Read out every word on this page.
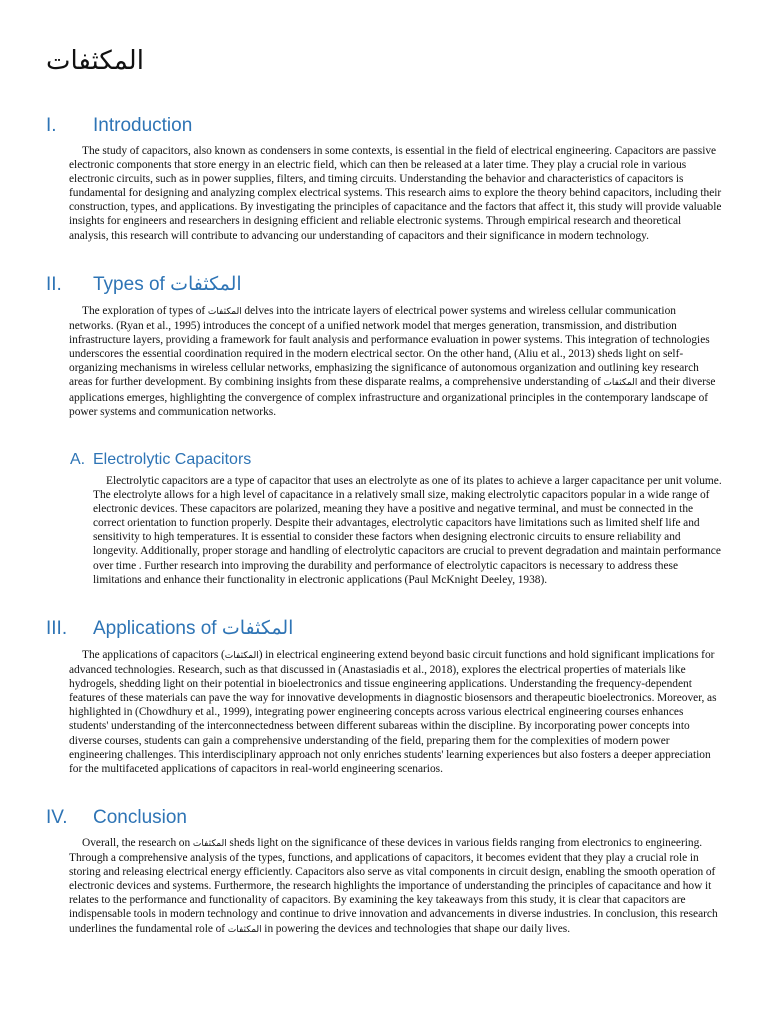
المكثفات
I. Introduction

The study of capacitors, also known as condensers in some contexts, is essential in the field of electrical engineering. Capacitors are passive electronic components that store energy in an electric field, which can then be released at a later time. They play a crucial role in various electronic circuits, such as in power supplies, filters, and timing circuits. Understanding the behavior and characteristics of capacitors is fundamental for designing and analyzing complex electrical systems. This research aims to explore the theory behind capacitors, including their construction, types, and applications. By investigating the principles of capacitance and the factors that affect it, this study will provide valuable insights for engineers and researchers in designing efficient and reliable electronic systems. Through empirical research and theoretical analysis, this research will contribute to advancing our understanding of capacitors and their significance in modern technology.

II. Types of المكثفات

The exploration of types of المكثفات delves into the intricate layers of electrical power systems and wireless cellular communication networks. (Ryan et al., 1995) introduces the concept of a unified network model that merges generation, transmission, and distribution infrastructure layers, providing a framework for fault analysis and performance evaluation in power systems. This integration of technologies underscores the essential coordination required in the modern electrical sector. On the other hand, (Aliu et al., 2013) sheds light on self-organizing mechanisms in wireless cellular networks, emphasizing the significance of autonomous organization and outlining key research areas for further development. By combining insights from these disparate realms, a comprehensive understanding of المكثفات and their diverse applications emerges, highlighting the convergence of complex infrastructure and organizational principles in the contemporary landscape of power systems and communication networks.

A. Electrolytic Capacitors

Electrolytic capacitors are a type of capacitor that uses an electrolyte as one of its plates to achieve a larger capacitance per unit volume. The electrolyte allows for a high level of capacitance in a relatively small size, making electrolytic capacitors popular in a wide range of electronic devices. These capacitors are polarized, meaning they have a positive and negative terminal, and must be connected in the correct orientation to function properly. Despite their advantages, electrolytic capacitors have limitations such as limited shelf life and sensitivity to high temperatures. It is essential to consider these factors when designing electronic circuits to ensure reliability and longevity. Additionally, proper storage and handling of electrolytic capacitors are crucial to prevent degradation and maintain performance over time . Further research into improving the durability and performance of electrolytic capacitors is necessary to address these limitations and enhance their functionality in electronic applications (Paul McKnight Deeley, 1938).

III. Applications of المكثفات

The applications of capacitors (المكثفات) in electrical engineering extend beyond basic circuit functions and hold significant implications for advanced technologies. Research, such as that discussed in (Anastasiadis et al., 2018), explores the electrical properties of materials like hydrogels, shedding light on their potential in bioelectronics and tissue engineering applications. Understanding the frequency-dependent features of these materials can pave the way for innovative developments in diagnostic biosensors and therapeutic bioelectronics. Moreover, as highlighted in (Chowdhury et al., 1999), integrating power engineering concepts across various electrical engineering courses enhances students' understanding of the interconnectedness between different subareas within the discipline. By incorporating power concepts into diverse courses, students can gain a comprehensive understanding of the field, preparing them for the complexities of modern power engineering challenges. This interdisciplinary approach not only enriches students' learning experiences but also fosters a deeper appreciation for the multifaceted applications of capacitors in real-world engineering scenarios.

IV. Conclusion

Overall, the research on المكثفات sheds light on the significance of these devices in various fields ranging from electronics to engineering. Through a comprehensive analysis of the types, functions, and applications of capacitors, it becomes evident that they play a crucial role in storing and releasing electrical energy efficiently. Capacitors also serve as vital components in circuit design, enabling the smooth operation of electronic devices and systems. Furthermore, the research highlights the importance of understanding the principles of capacitance and how it relates to the performance and functionality of capacitors. By examining the key takeaways from this study, it is clear that capacitors are indispensable tools in modern technology and continue to drive innovation and advancements in diverse industries. In conclusion, this research underlines the fundamental role of المكثفات in powering the devices and technologies that shape our daily lives.
